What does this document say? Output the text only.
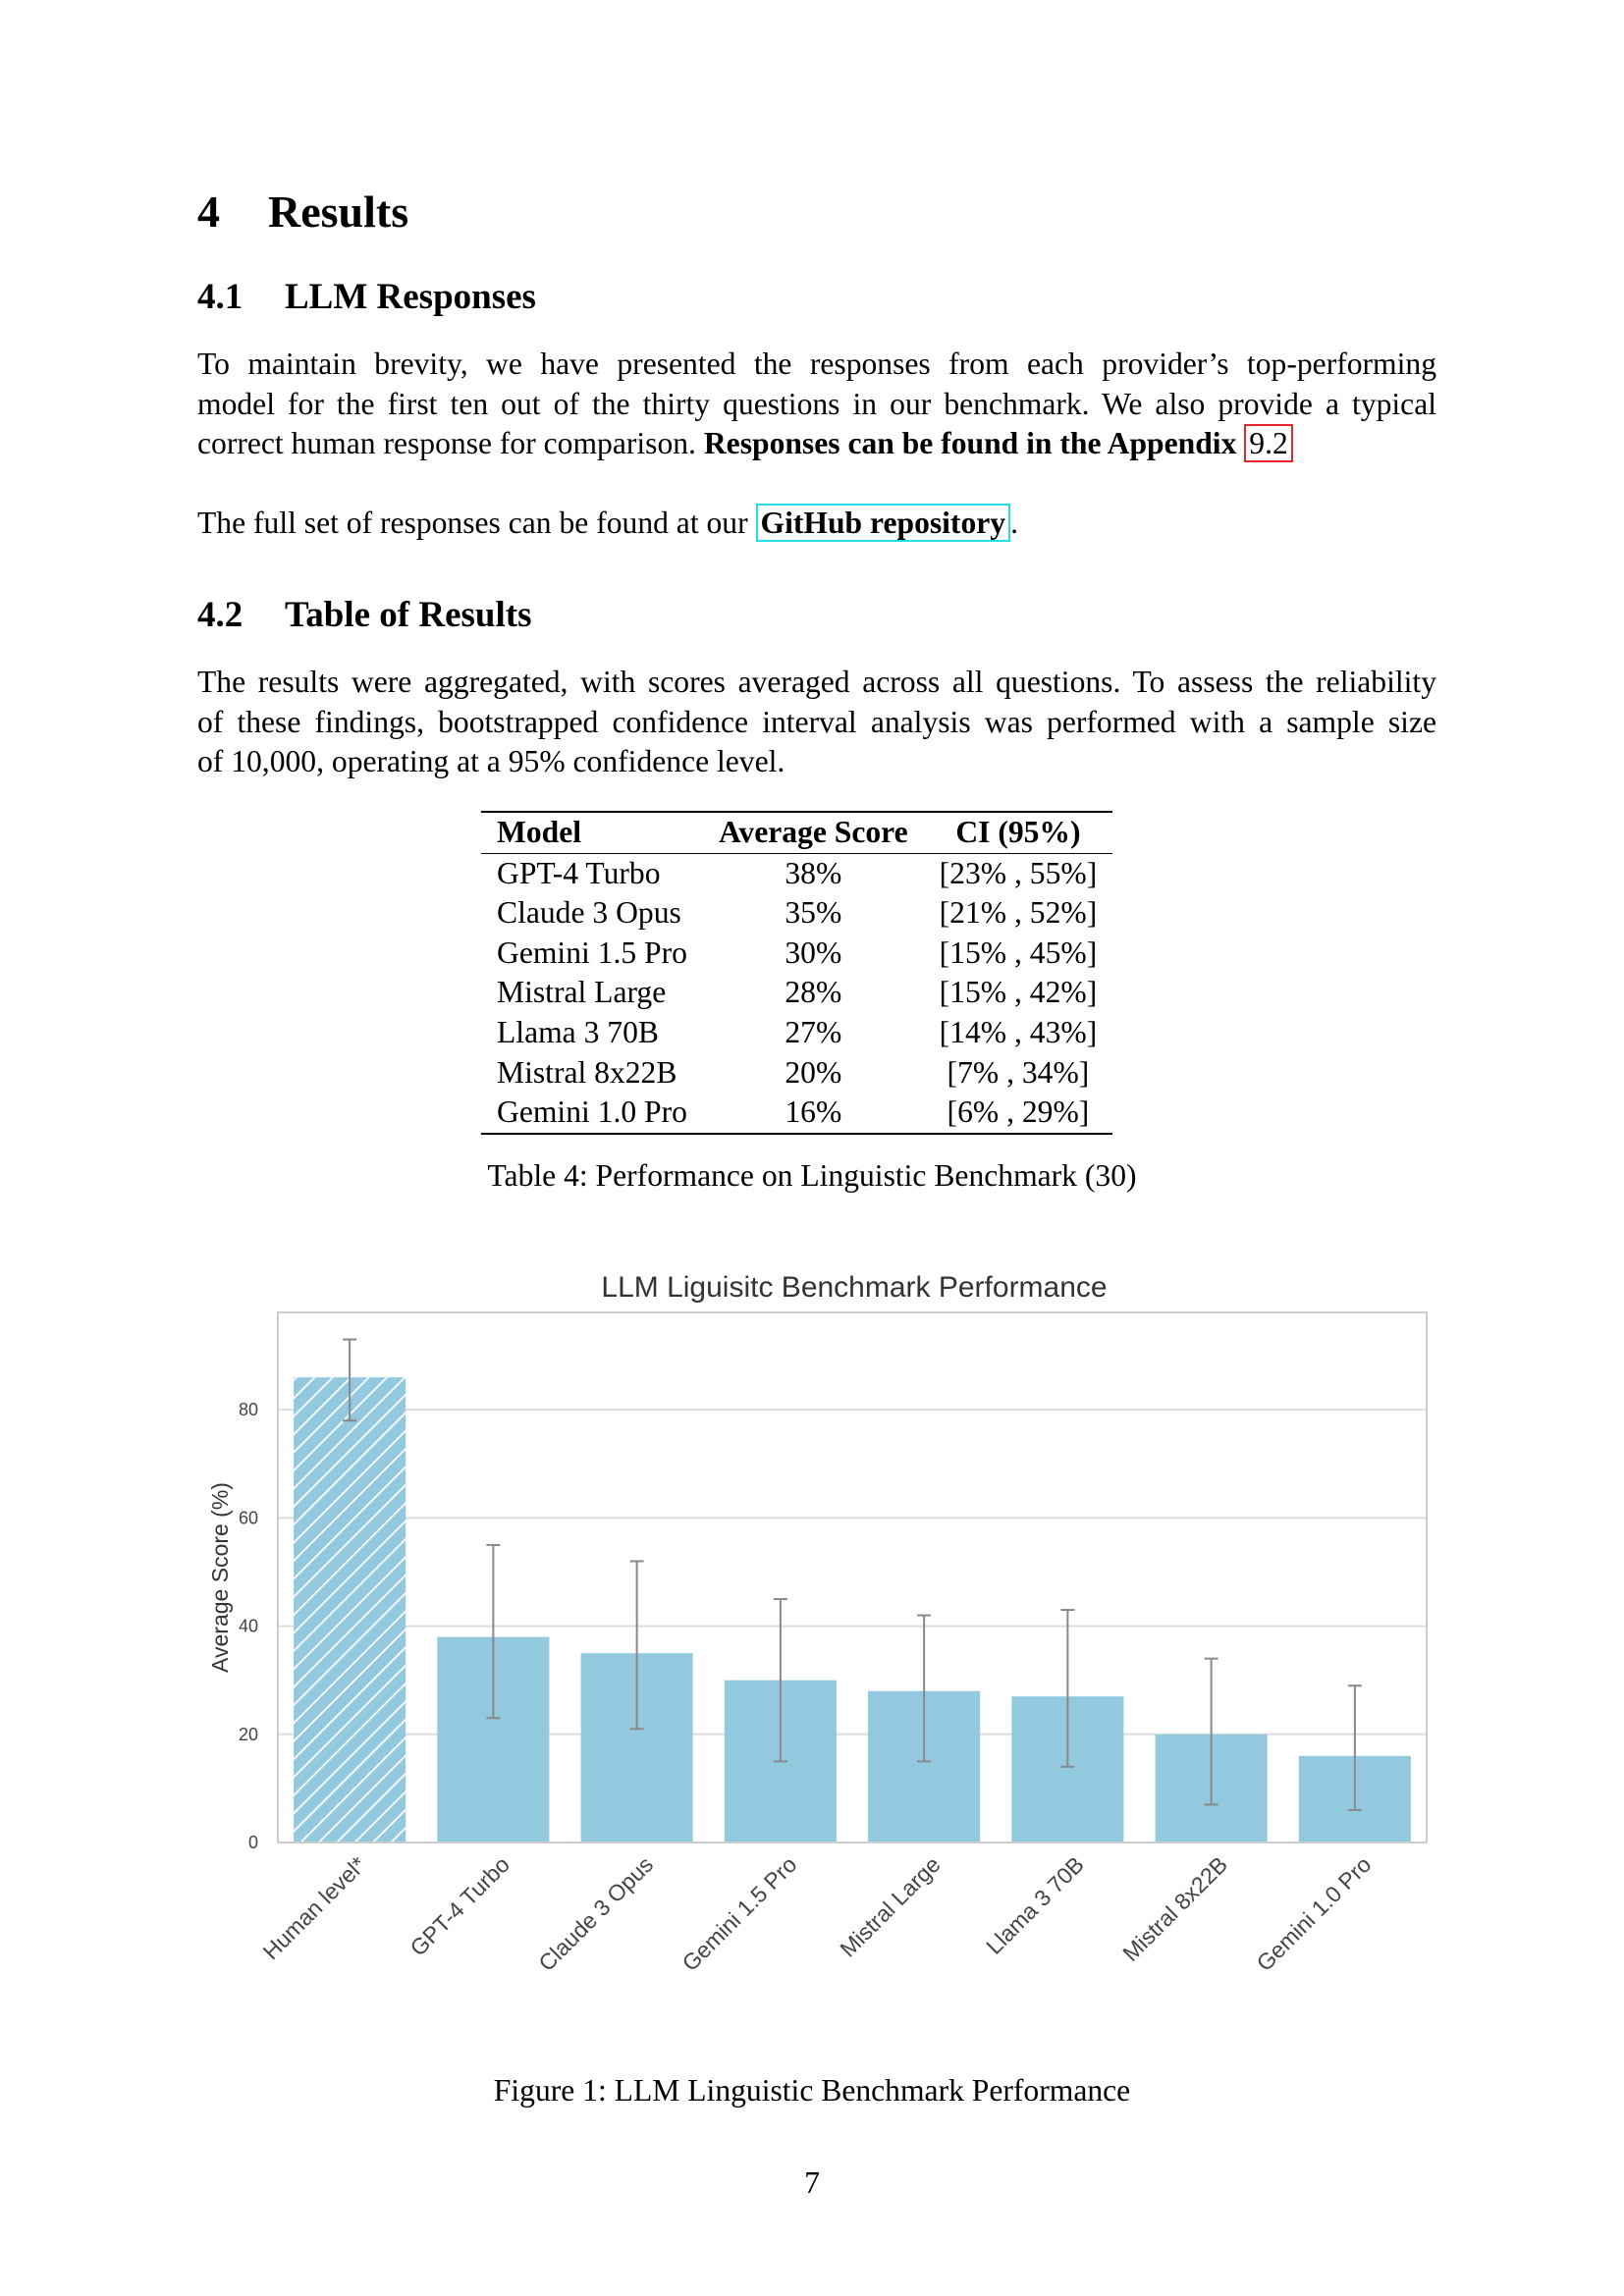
4 Results
4.1 LLM Responses
To maintain brevity, we have presented the responses from each provider’s top-performing
model for the first ten out of the thirty questions in our benchmark. We also provide a typical
correct human response for comparison. Responses can be found in the Appendix 9.2
The full set of responses can be found at our GitHub repository .
4.2 Table of Results
The results were aggregated, with scores averaged across all questions. To assess the reliability
of these findings, bootstrapped confidence interval analysis was performed with a sample size
of 10,000, operating at a 95% confidence level.
Model	Average Score	CI (95%)
GPT-4 Turbo	38%	[23% , 55%]
Claude 3 Opus	35%	[21% , 52%]
Gemini 1.5 Pro	30%	[15% , 45%]
Mistral Large	28%	[15% , 42%]
Llama 3 70B	27%	[14% , 43%]
Mistral 8x22B	20%	[7% , 34%]
Gemini 1.0 Pro	16%	[6% , 29%]
Table 4: Performance on Linguistic Benchmark (30)
LLM Liguisitc Benchmark Performance
0
20
40
60
80
Human level* GPT-4 Turbo Claude 3 Opus Gemini 1.5 Pro Mistral Large Llama 3 70B Mistral 8x22B Gemini 1.0 Pro
Average Score (%)
Figure 1: LLM Linguistic Benchmark Performance
7
